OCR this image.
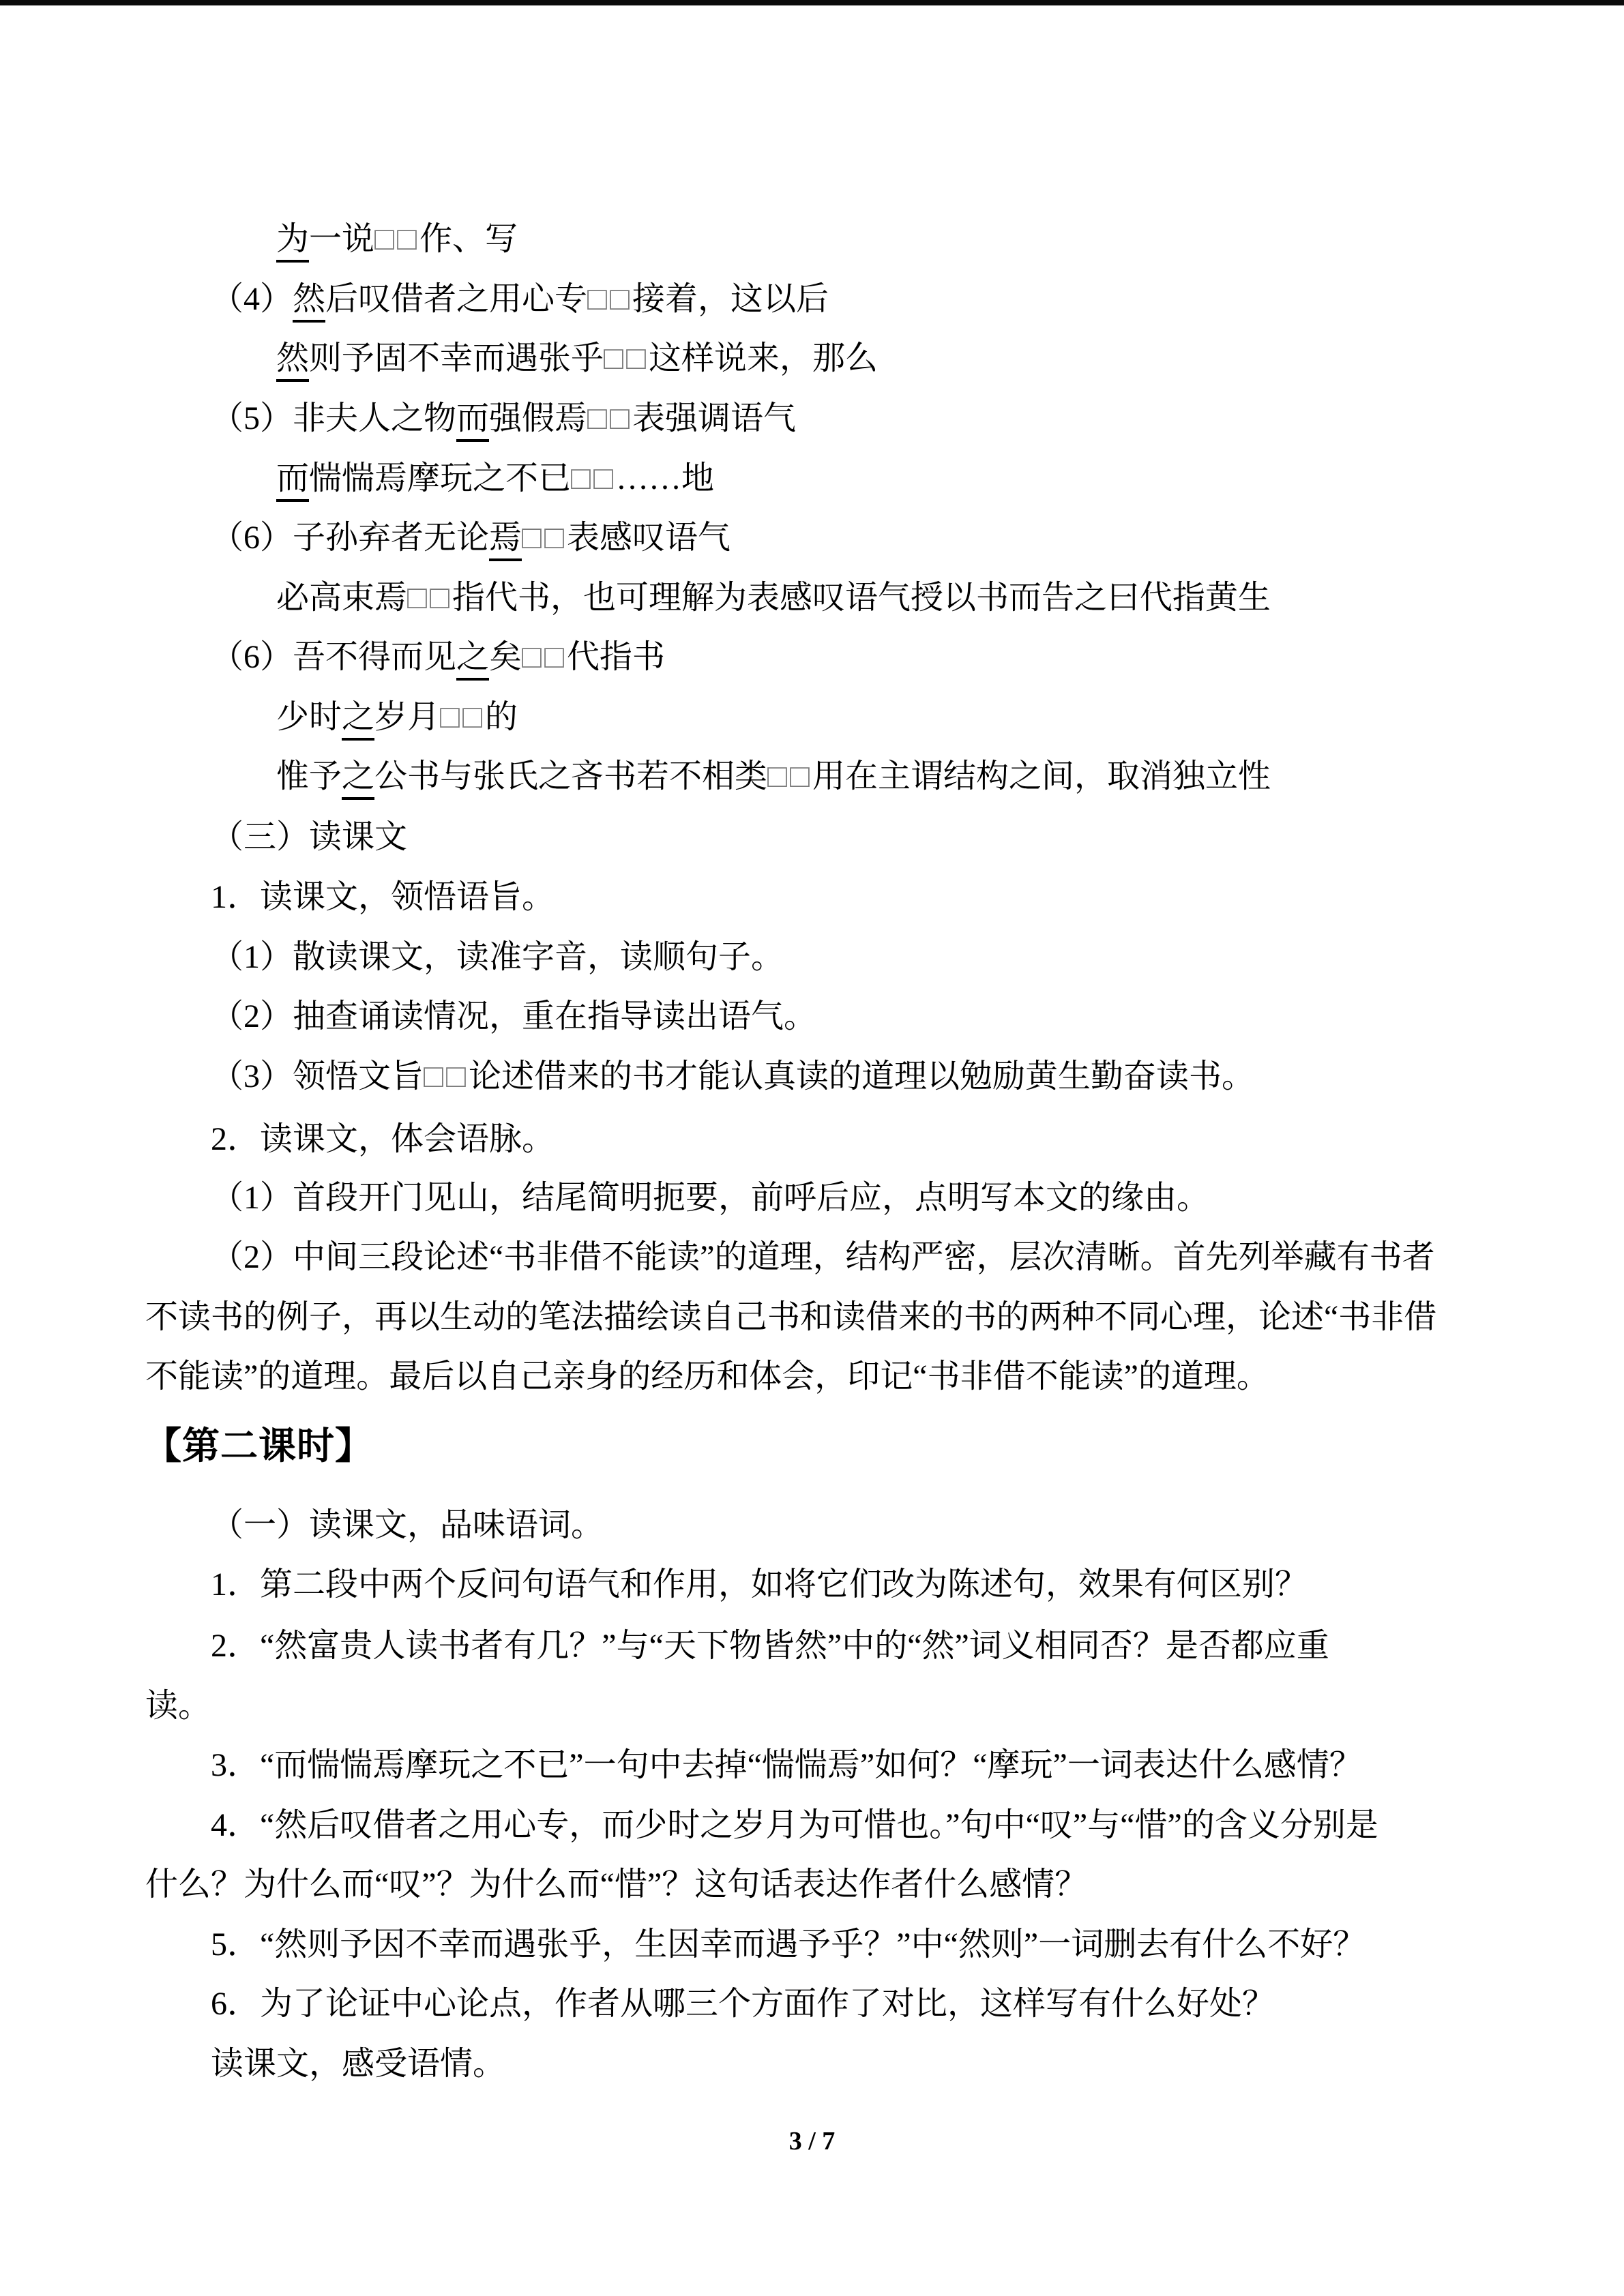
为一说□□作、写
（4）然后叹借者之用心专□□接着，这以后
然则予固不幸而遇张乎□□这样说来，那么
（5）非夫人之物而强假焉□□表强调语气
而惴惴焉摩玩之不已□□……地
（6）子孙弃者无论焉□□表感叹语气
必高束焉□□指代书，也可理解为表感叹语气授以书而告之曰代指黄生
（6）吾不得而见之矣□□代指书
少时之岁月□□的
惟予之公书与张氏之吝书若不相类□□用在主谓结构之间，取消独立性
（三）读课文
1．读课文，领悟语旨。
（1）散读课文，读准字音，读顺句子。
（2）抽查诵读情况，重在指导读出语气。
（3）领悟文旨□□论述借来的书才能认真读的道理以勉励黄生勤奋读书。
2．读课文，体会语脉。
（1）首段开门见山，结尾简明扼要，前呼后应，点明写本文的缘由。
（2）中间三段论述“书非借不能读”的道理，结构严密，层次清晰。首先列举藏有书者
不读书的例子，再以生动的笔法描绘读自己书和读借来的书的两种不同心理，论述“书非借
不能读”的道理。最后以自己亲身的经历和体会，印记“书非借不能读”的道理。
【第二课时】
（一）读课文，品味语词。
1．第二段中两个反问句语气和作用，如将它们改为陈述句，效果有何区别？
2．“然富贵人读书者有几？”与“天下物皆然”中的“然”词义相同否？是否都应重
读。
3．“而惴惴焉摩玩之不已”一句中去掉“惴惴焉”如何？“摩玩”一词表达什么感情？
4．“然后叹借者之用心专，而少时之岁月为可惜也。”句中“叹”与“惜”的含义分别是
什么？为什么而“叹”？为什么而“惜”？这句话表达作者什么感情？
5．“然则予因不幸而遇张乎，生因幸而遇予乎？”中“然则”一词删去有什么不好？
6．为了论证中心论点，作者从哪三个方面作了对比，这样写有什么好处？
读课文，感受语情。
3 / 7
